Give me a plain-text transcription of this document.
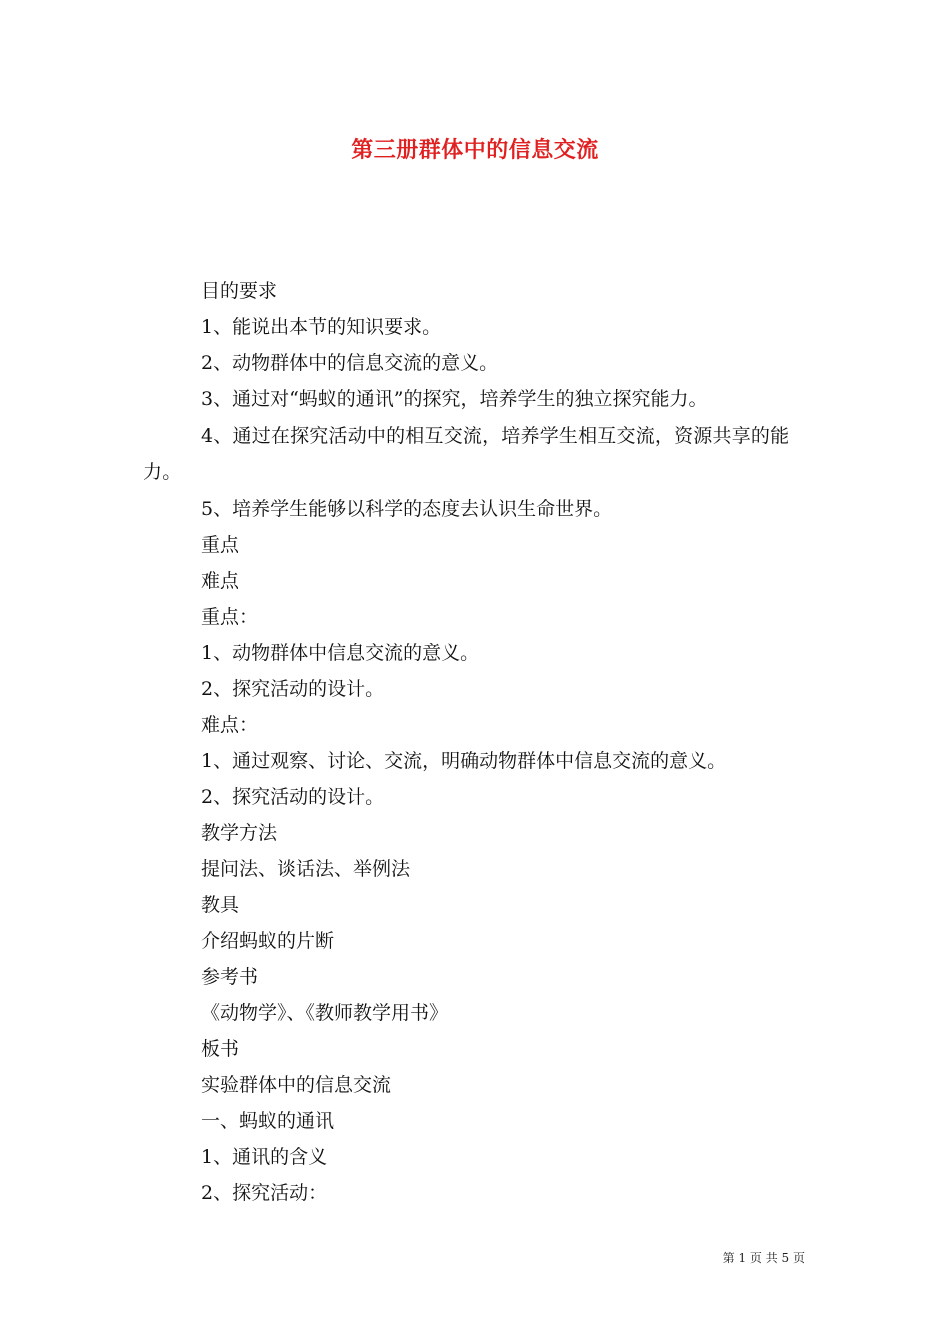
第三册群体中的信息交流
目的要求
1、能说出本节的知识要求。
2、动物群体中的信息交流的意义。
3、通过对“蚂蚁的通讯”的探究，培养学生的独立探究能力。
4、通过在探究活动中的相互交流，培养学生相互交流，资源共享的能力。
5、培养学生能够以科学的态度去认识生命世界。
重点
难点
重点：
1、动物群体中信息交流的意义。
2、探究活动的设计。
难点：
1、通过观察、讨论、交流，明确动物群体中信息交流的意义。
2、探究活动的设计。
教学方法
提问法、谈话法、举例法
教具
介绍蚂蚁的片断
参考书
《动物学》、《教师教学用书》
板书
实验群体中的信息交流
一、蚂蚁的通讯
1、通讯的含义
2、探究活动：
第 1 页 共 5 页
